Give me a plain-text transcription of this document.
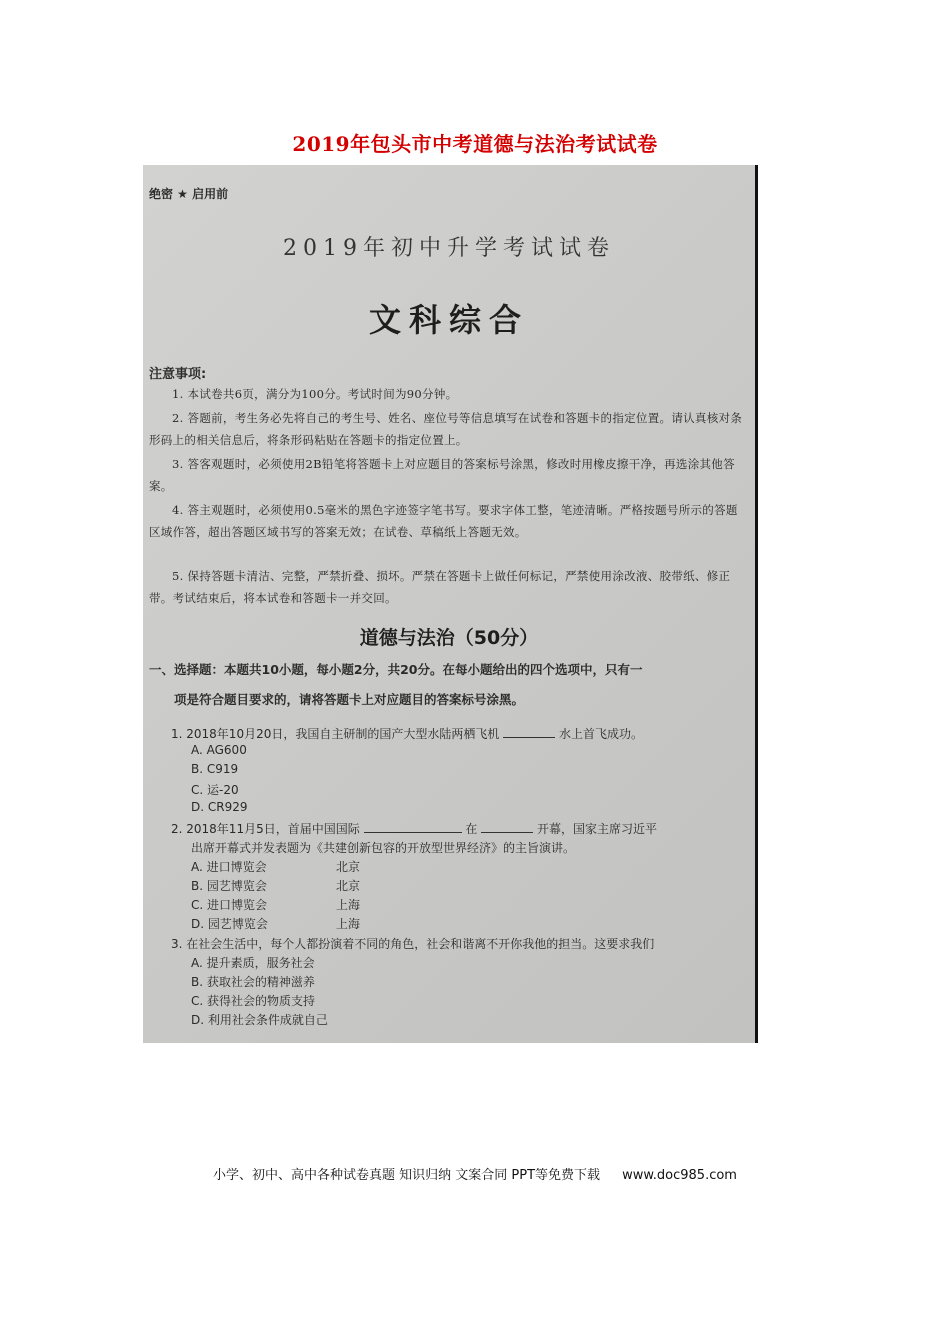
2019年包头市中考道德与法治考试试卷
绝密 ★ 启用前
2019年初中升学考试试卷
文科综合
注意事项:
1. 本试卷共6页，满分为100分。考试时间为90分钟。
2. 答题前，考生务必先将自己的考生号、姓名、座位号等信息填写在试卷和答题卡的指定位置。请认真核对条形码上的相关信息后，将条形码粘贴在答题卡的指定位置上。
3. 答客观题时，必须使用2B铅笔将答题卡上对应题目的答案标号涂黑，修改时用橡皮擦干净，再选涂其他答案。
4. 答主观题时，必须使用0.5毫米的黑色字迹签字笔书写。要求字体工整，笔迹清晰。严格按题号所示的答题区域作答，超出答题区域书写的答案无效；在试卷、草稿纸上答题无效。
5. 保持答题卡清洁、完整，严禁折叠、损坏。严禁在答题卡上做任何标记，严禁使用涂改液、胶带纸、修正带。考试结束后，将本试卷和答题卡一并交回。
道德与法治（50分）
一、选择题：本题共10小题，每小题2分，共20分。在每小题给出的四个选项中，只有一
项是符合题目要求的，请将答题卡上对应题目的答案标号涂黑。
1. 2018年10月20日，我国自主研制的国产大型水陆两栖飞机	水上首飞成功。
A. AG600
B. C919
C. 运-20
D. CR929
2. 2018年11月5日，首届中国国际	在	开幕，国家主席习近平
出席开幕式并发表题为《共建创新包容的开放型世界经济》的主旨演讲。
A. 进口博览会	北京
B. 园艺博览会	北京
C. 进口博览会	上海
D. 园艺博览会	上海
3. 在社会生活中，每个人都扮演着不同的角色，社会和谐离不开你我他的担当。这要求我们
A. 提升素质，服务社会
B. 获取社会的精神滋养
C. 获得社会的物质支持
D. 利用社会条件成就自己
小学、初中、高中各种试卷真题 知识归纳 文案合同 PPT等免费下载 www.doc985.com
